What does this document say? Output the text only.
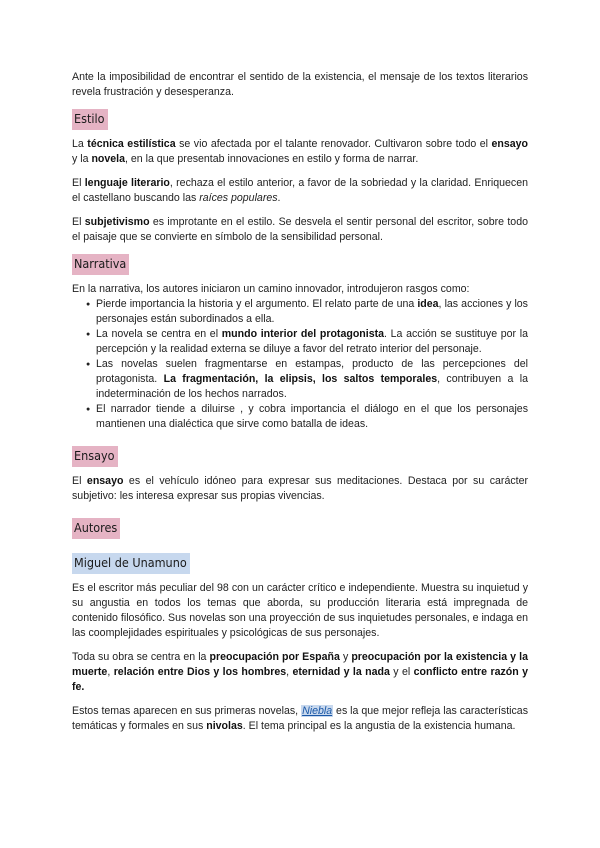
Ante la imposibilidad de encontrar el sentido de la existencia, el mensaje de los textos literarios revela frustración y desesperanza.

Estilo

La técnica estilística se vio afectada por el talante renovador. Cultivaron sobre todo el ensayo y la novela, en la que presentab innovaciones en estilo y forma de narrar.

El lenguaje literario, rechaza el estilo anterior, a favor de la sobriedad y la claridad. Enriquecen el castellano buscando las raíces populares.

El subjetivismo es improtante en el estilo. Se desvela el sentir personal del escritor, sobre todo el paisaje que se convierte en símbolo de la sensibilidad personal.

Narrativa

En la narrativa, los autores iniciaron un camino innovador, introdujeron rasgos como:

● Pierde importancia la historia y el argumento. El relato parte de una idea, las acciones y los personajes están subordinados a ella.
● La novela se centra en el mundo interior del protagonista. La acción se sustituye por la percepción y la realidad externa se diluye a favor del retrato interior del personaje.
● Las novelas suelen fragmentarse en estampas, producto de las percepciones del protagonista. La fragmentación, la elipsis, los saltos temporales, contribuyen a la indeterminación de los hechos narrados.
● El narrador tiende a diluirse , y cobra importancia el diálogo en el que los personajes mantienen una dialéctica que sirve como batalla de ideas.
Ensayo

El ensayo es el vehículo idóneo para expresar sus meditaciones. Destaca por su carácter subjetivo: les interesa expresar sus propias vivencias.

Autores
Miguel de Unamuno

Es el escritor más peculiar del 98 con un carácter crítico e independiente. Muestra su inquietud y su angustia en todos los temas que aborda, su producción literaria está impregnada de contenido filosófico. Sus novelas son una proyección de sus inquietudes personales, e indaga en las coomplejidades espirituales y psicológicas de sus personajes.

Toda su obra se centra en la preocupación por España y preocupación por la existencia y la muerte, relación entre Dios y los hombres, eternidad y la nada y el conflicto entre razón y fe.

Estos temas aparecen en sus primeras novelas, Niebla es la que mejor refleja las características temáticas y formales en sus nivolas. El tema principal es la angustia de la existencia humana.
